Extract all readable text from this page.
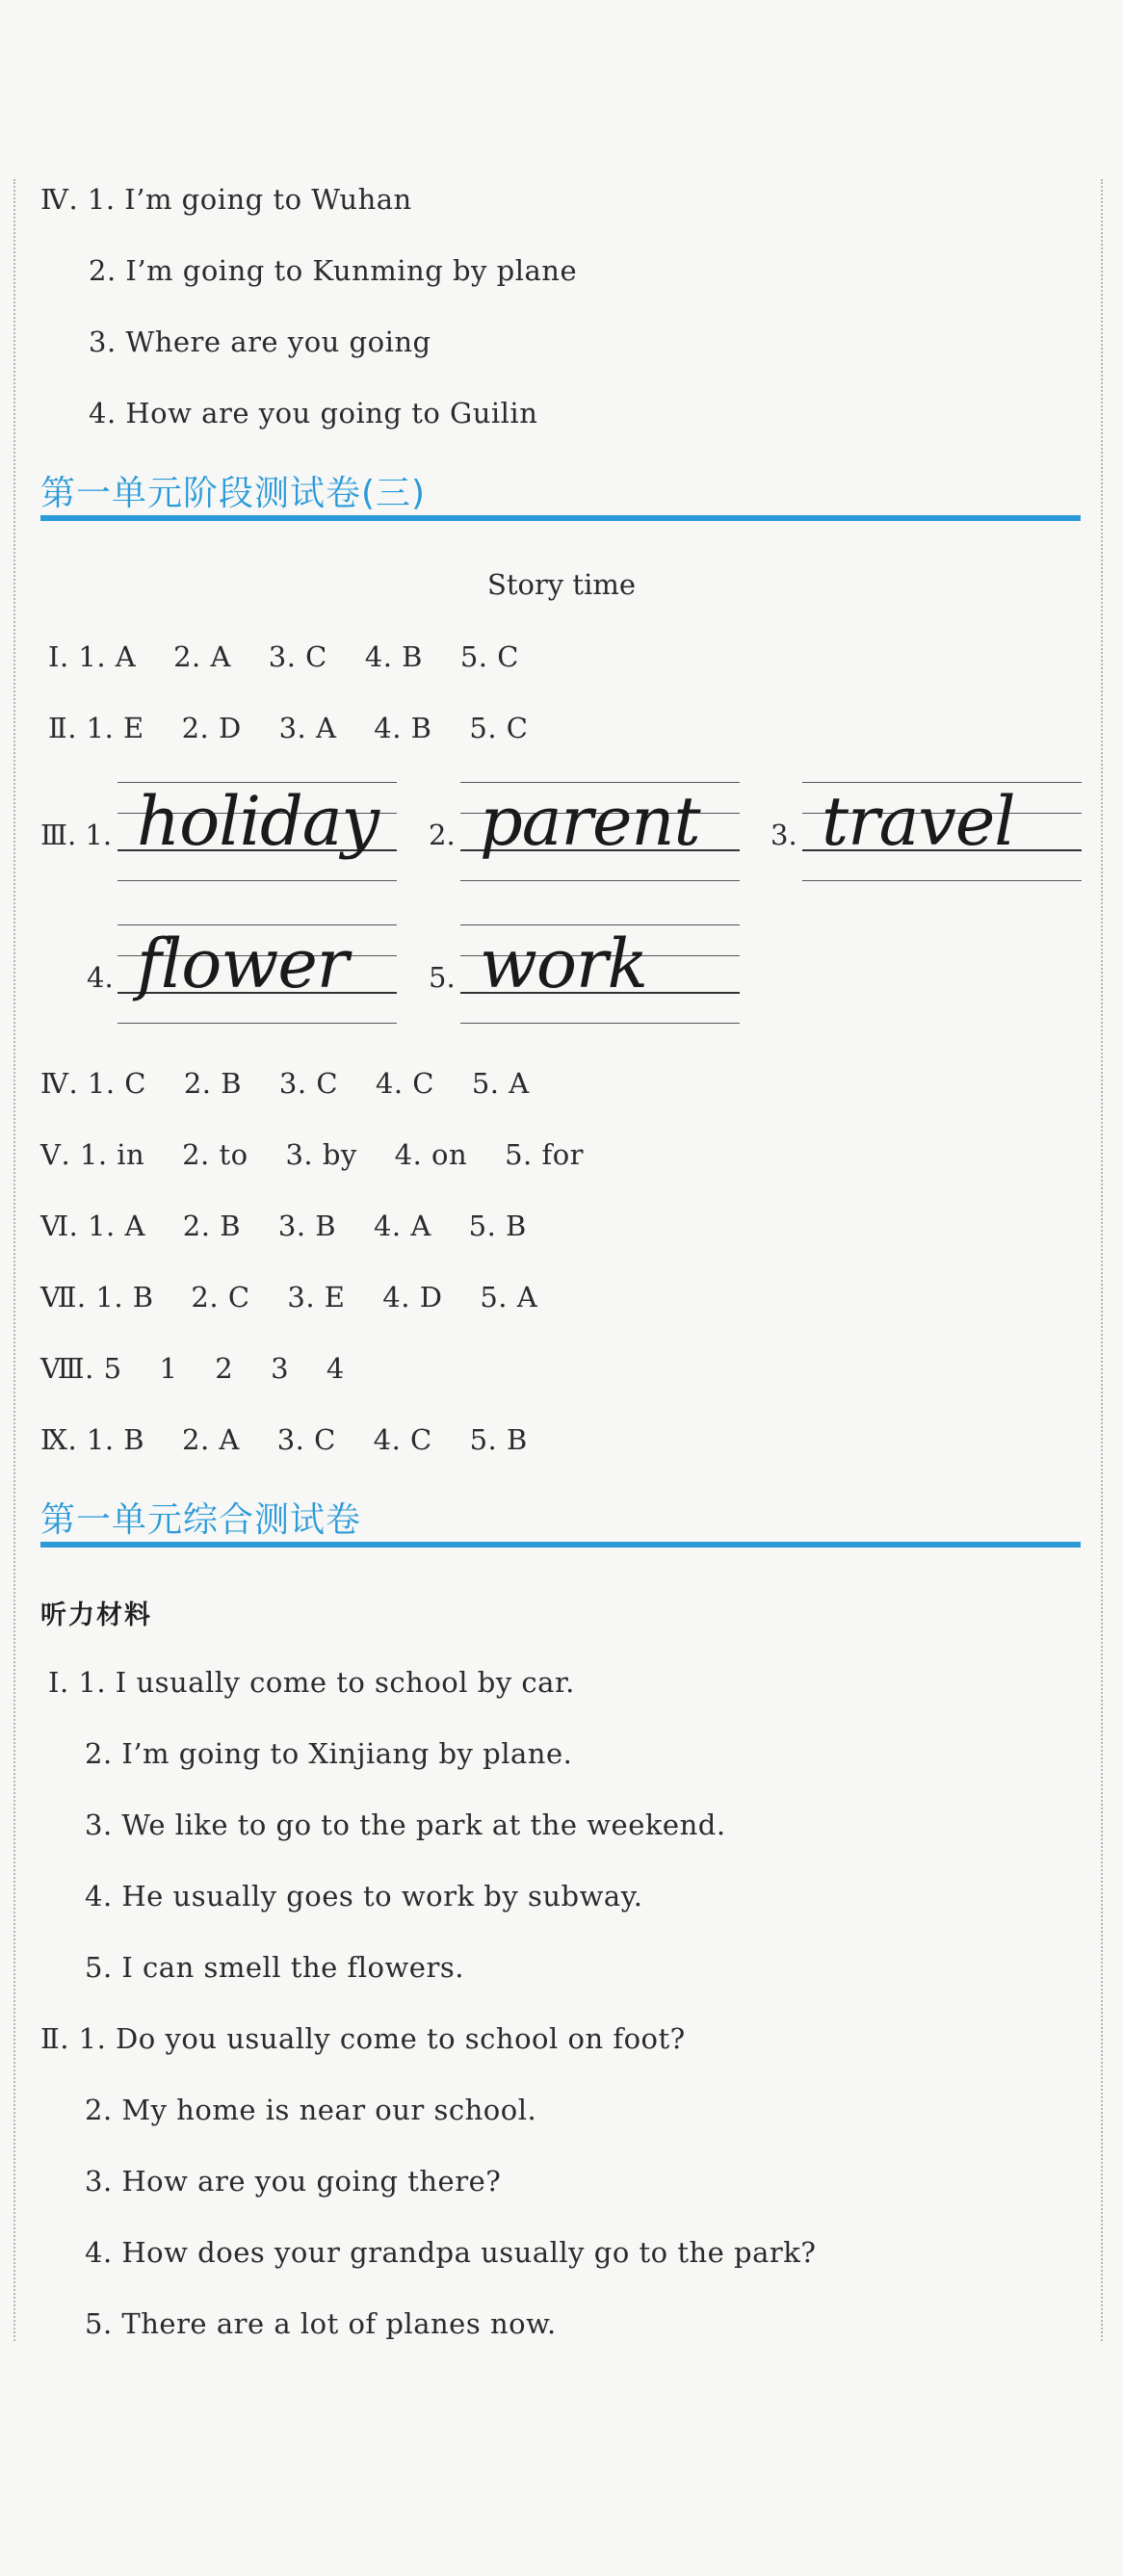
Ⅳ. 1. I’m going to Wuhan
2. I’m going to Kunming by plane
3. Where are you going
4. How are you going to Guilin
第一单元阶段测试卷(三)
Story time
Ⅰ. 1. A    2. A    3. C    4. B    5. C
Ⅱ. 1. E    2. D    3. A    4. B    5. C
Ⅲ. 1. holiday 2. parent	3. travel
4. flower	5. work
Ⅳ. 1. C    2. B    3. C    4. C    5. A
Ⅴ. 1. in    2. to    3. by    4. on    5. for
Ⅵ. 1. A    2. B    3. B    4. A    5. B
Ⅶ. 1. B    2. C    3. E    4. D    5. A
Ⅷ. 5    1    2    3    4
Ⅸ. 1. B    2. A    3. C    4. C    5. B
第一单元综合测试卷
听力材料
Ⅰ. 1. I usually come to school by car.
2. I’m going to Xinjiang by plane.
3. We like to go to the park at the weekend.
4. He usually goes to work by subway.
5. I can smell the flowers.
Ⅱ. 1. Do you usually come to school on foot?
2. My home is near our school.
3. How are you going there?
4. How does your grandpa usually go to the park?
5. There are a lot of planes now.
